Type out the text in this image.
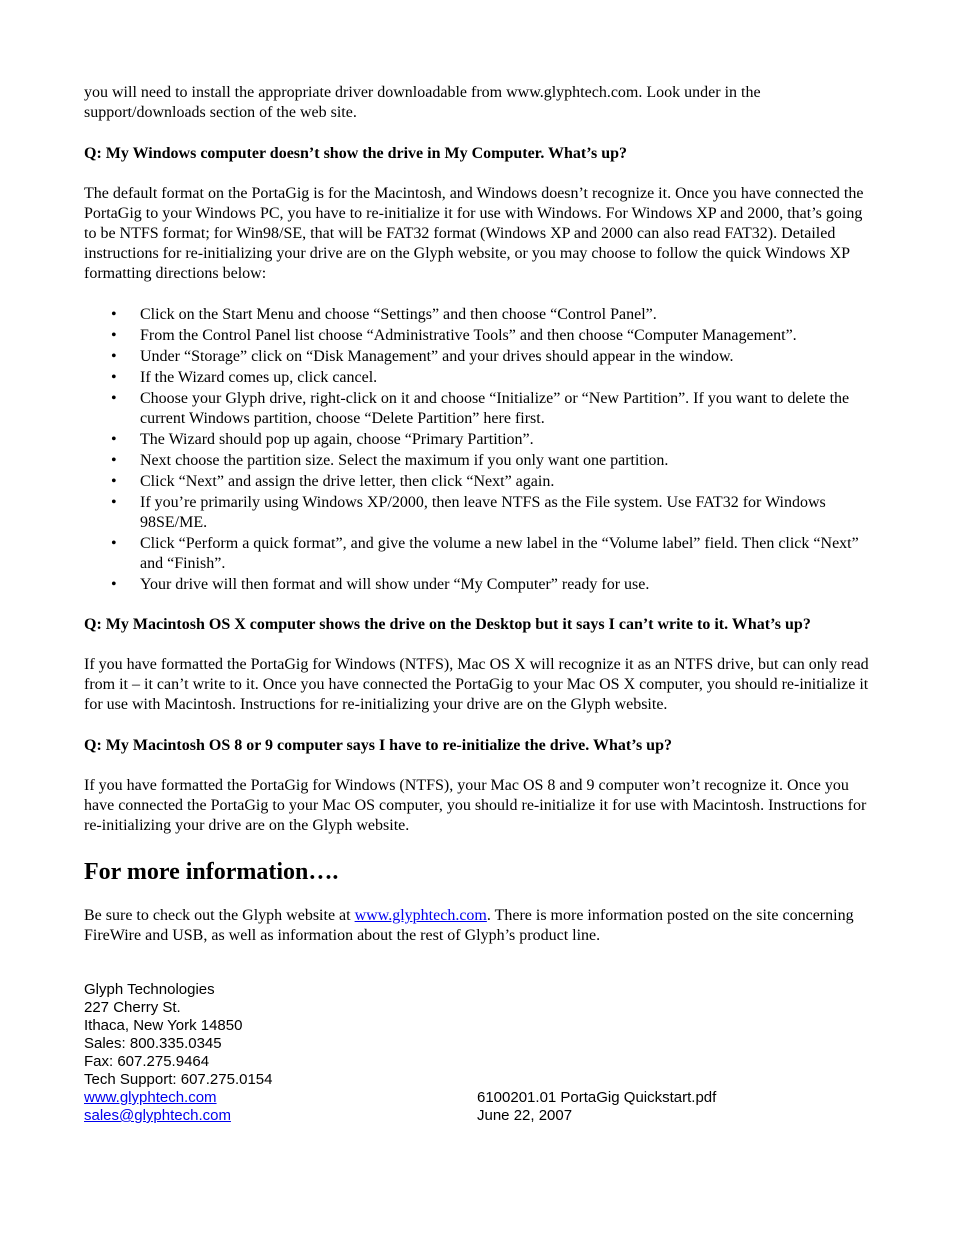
you will need to install the appropriate driver downloadable from www.glyphtech.com. Look under in the support/downloads section of the web site.

Q: My Windows computer doesn’t show the drive in My Computer. What’s up?

The default format on the PortaGig is for the Macintosh, and Windows doesn’t recognize it. Once you have connected the PortaGig to your Windows PC, you have to re-initialize it for use with Windows. For Windows XP and 2000, that’s going to be NTFS format; for Win98/SE, that will be FAT32 format (Windows XP and 2000 can also read FAT32). Detailed instructions for re-initializing your drive are on the Glyph website, or you may choose to follow the quick Windows XP formatting directions below:

• Click on the Start Menu and choose “Settings” and then choose “Control Panel”.
• From the Control Panel list choose “Administrative Tools” and then choose “Computer Management”.
• Under “Storage” click on “Disk Management” and your drives should appear in the window.
• If the Wizard comes up, click cancel.
• Choose your Glyph drive, right-click on it and choose “Initialize” or “New Partition”. If you want to delete the current Windows partition, choose “Delete Partition” here first.
• The Wizard should pop up again, choose “Primary Partition”.
• Next choose the partition size. Select the maximum if you only want one partition.
• Click “Next” and assign the drive letter, then click “Next” again.
• If you’re primarily using Windows XP/2000, then leave NTFS as the File system. Use FAT32 for Windows 98SE/ME.
• Click “Perform a quick format”, and give the volume a new label in the “Volume label” field. Then click “Next” and “Finish”.
• Your drive will then format and will show under “My Computer” ready for use.

Q: My Macintosh OS X computer shows the drive on the Desktop but it says I can’t write to it. What’s up?

If you have formatted the PortaGig for Windows (NTFS), Mac OS X will recognize it as an NTFS drive, but can only read from it – it can’t write to it. Once you have connected the PortaGig to your Mac OS X computer, you should re-initialize it for use with Macintosh. Instructions for re-initializing your drive are on the Glyph website.

Q: My Macintosh OS 8 or 9 computer says I have to re-initialize the drive. What’s up?

If you have formatted the PortaGig for Windows (NTFS), your Mac OS 8 and 9 computer won’t recognize it. Once you have connected the PortaGig to your Mac OS computer, you should re-initialize it for use with Macintosh. Instructions for re-initializing your drive are on the Glyph website.

For more information….

Be sure to check out the Glyph website at www.glyphtech.com. There is more information posted on the site concerning FireWire and USB, as well as information about the rest of Glyph’s product line.

Glyph Technologies
227 Cherry St.
Ithaca, New York 14850
Sales: 800.335.0345
Fax: 607.275.9464
Tech Support: 607.275.0154
www.glyphtech.com	6100201.01 PortaGig Quickstart.pdf
sales@glyphtech.com	June 22, 2007
